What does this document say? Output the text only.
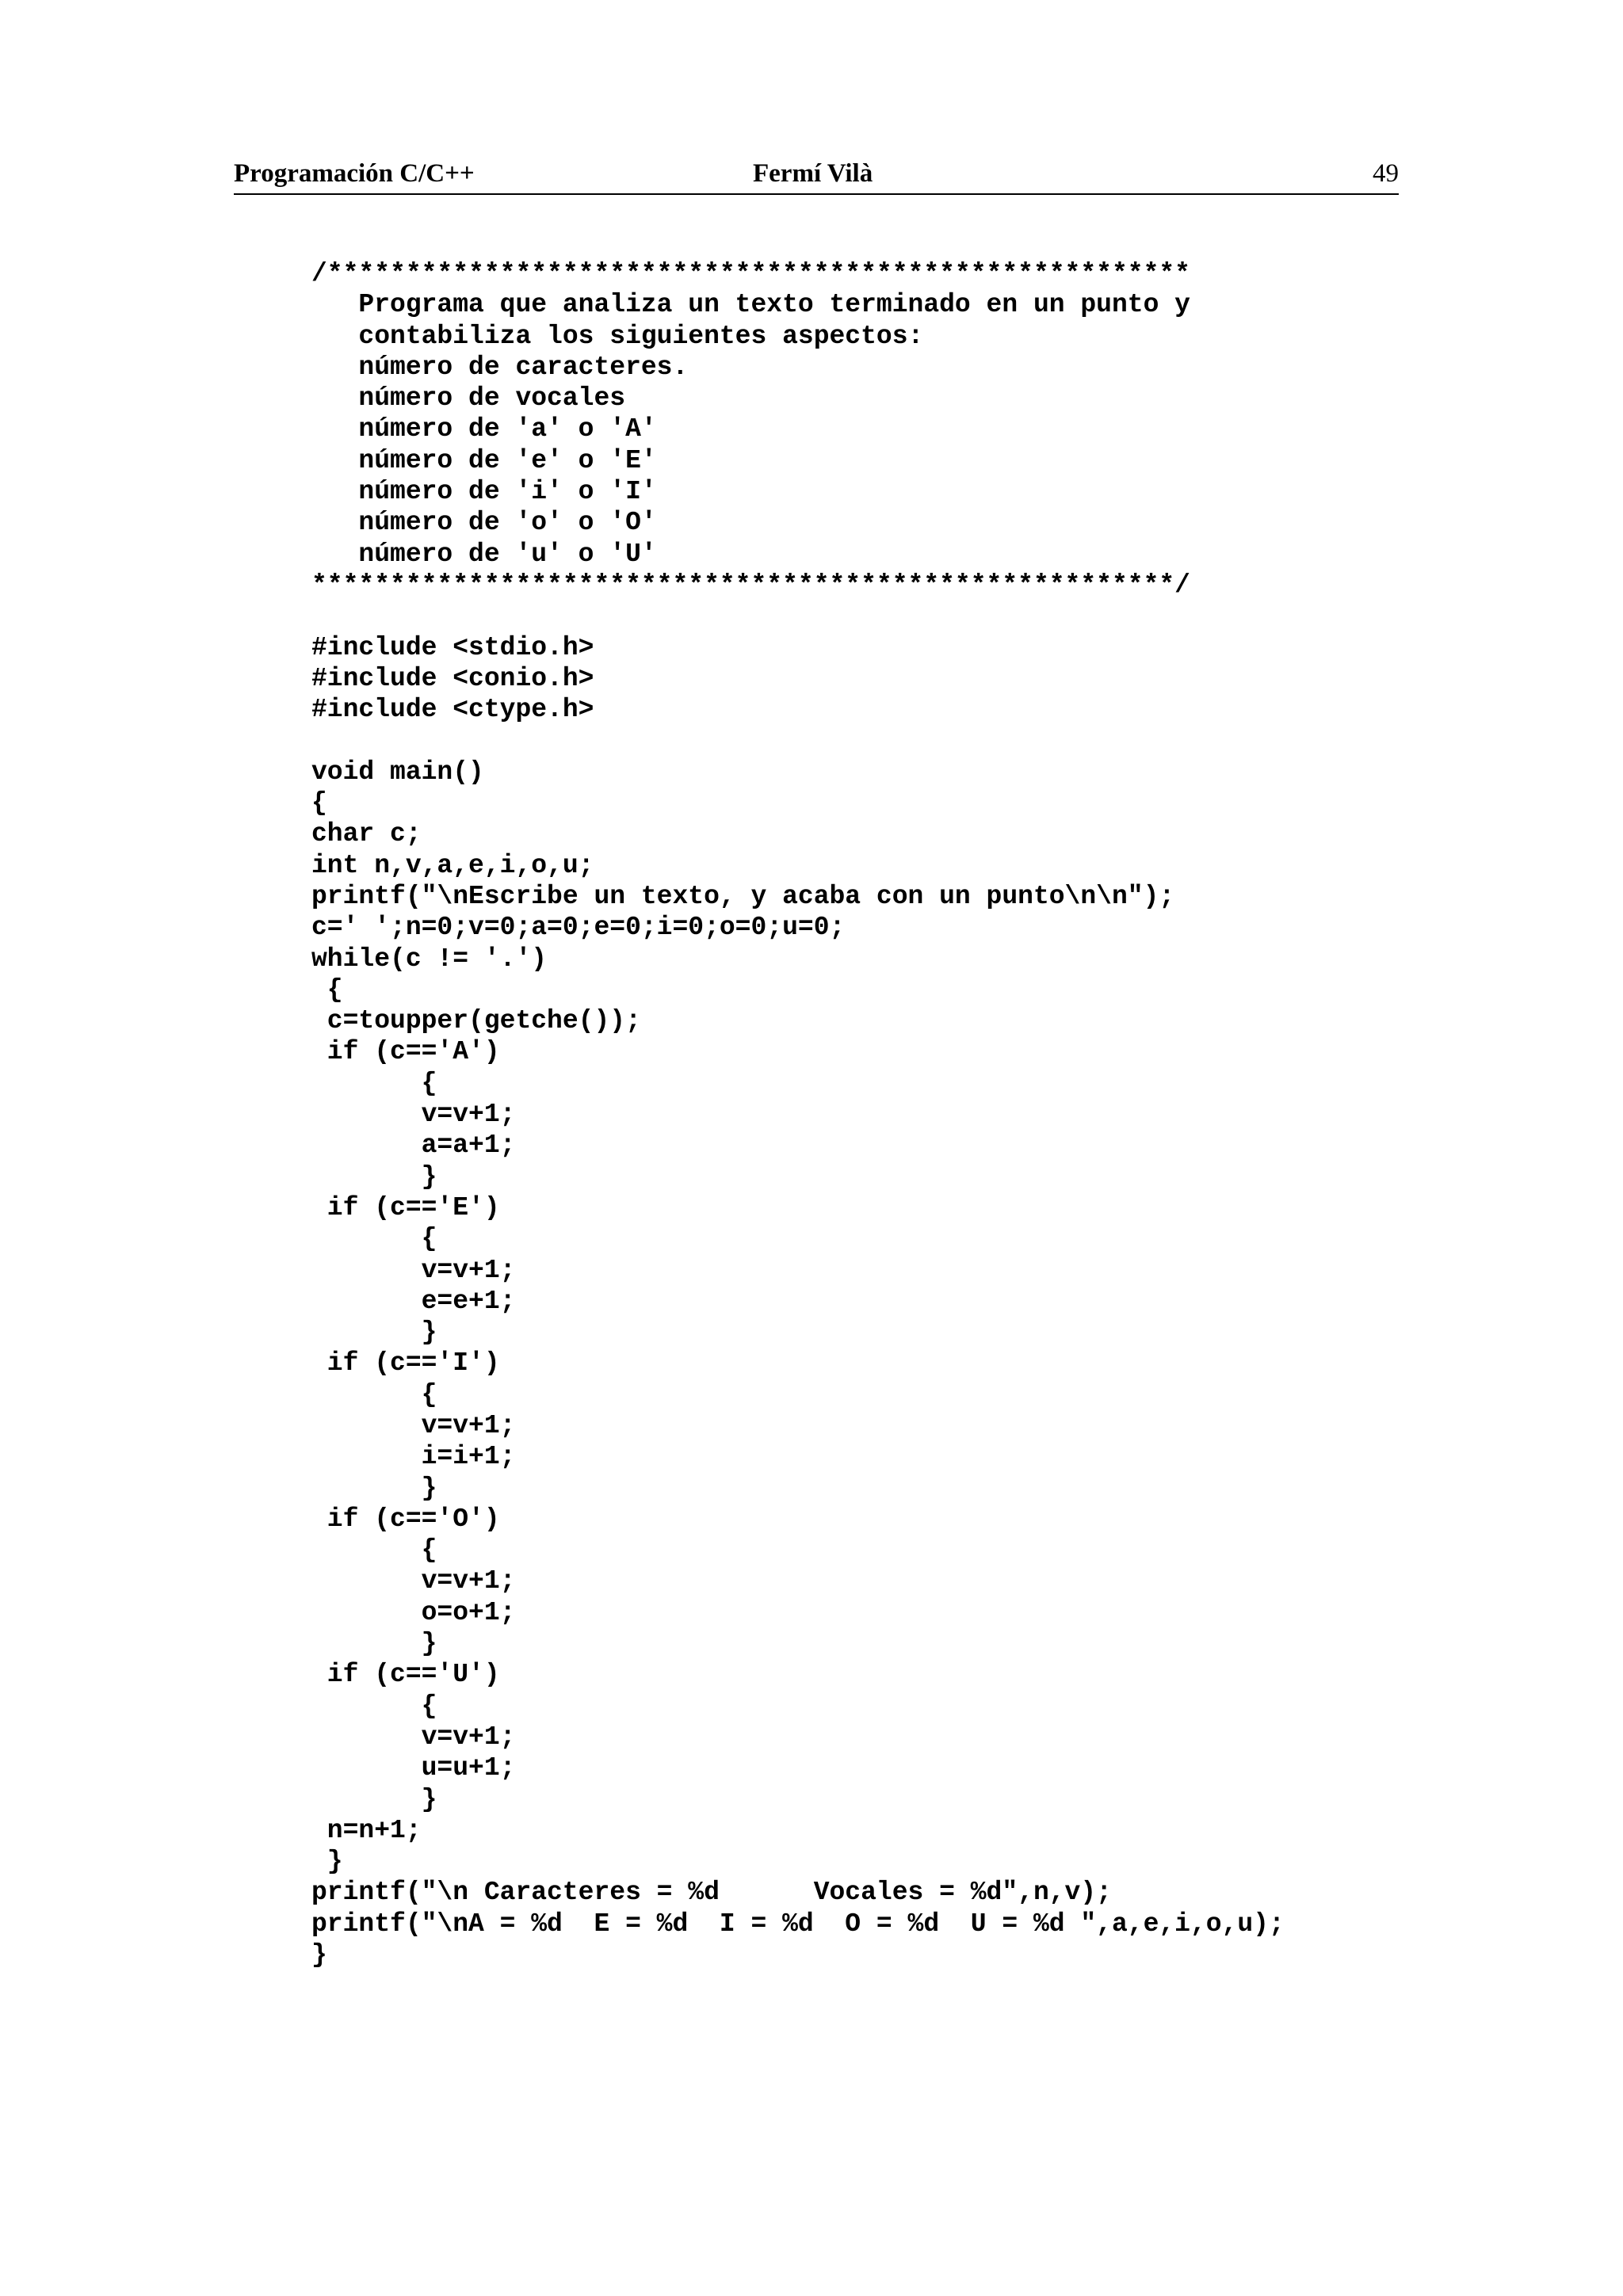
Programación C/C++	Fermí Vilà	49
/*******************************************************
Programa que analiza un texto terminado en un punto y
contabiliza los siguientes aspectos:
número de caracteres.
número de vocales
número de 'a' o 'A'
número de 'e' o 'E'
número de 'i' o 'I'
número de 'o' o 'O'
número de 'u' o 'U'
*******************************************************/
#include <stdio.h>
#include <conio.h>
#include <ctype.h>
void main()
{
char c;
int n,v,a,e,i,o,u;
printf("\nEscribe un texto, y acaba con un punto\n\n");
c=' ';n=0;v=0;a=0;e=0;i=0;o=0;u=0;
while(c != '.')
{
c=toupper(getche());
if (c=='A')
{
v=v+1;
a=a+1;
}
if (c=='E')
{
v=v+1;
e=e+1;
}
if (c=='I')
{
v=v+1;
i=i+1;
}
if (c=='O')
{
v=v+1;
o=o+1;
}
if (c=='U')
{
v=v+1;
u=u+1;
}
n=n+1;
}
printf("\n Caracteres = %d      Vocales = %d",n,v);
printf("\nA = %d  E = %d  I = %d  O = %d  U = %d ",a,e,i,o,u);
}
